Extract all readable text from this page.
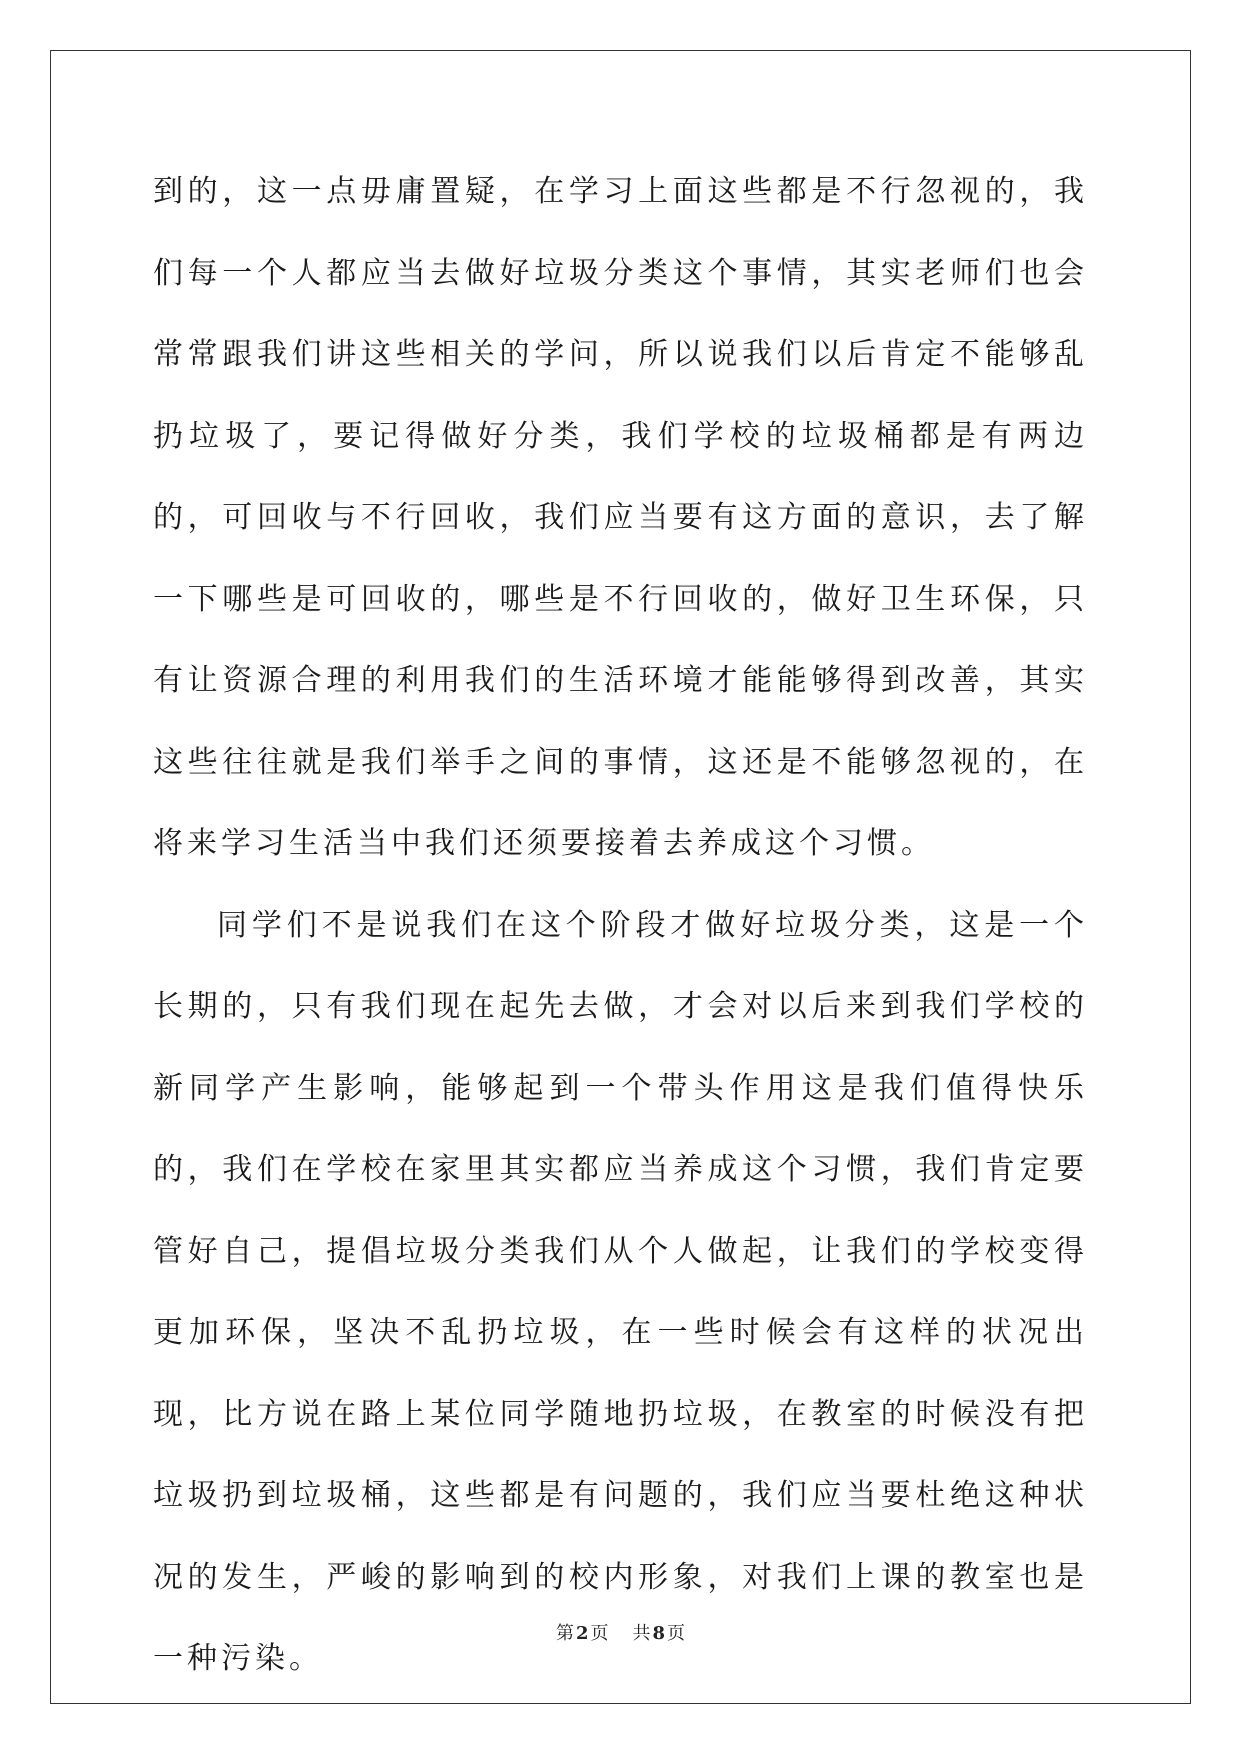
到的，这一点毋庸置疑，在学习上面这些都是不行忽视的，我们每一个人都应当去做好垃圾分类这个事情，其实老师们也会常常跟我们讲这些相关的学问，所以说我们以后肯定不能够乱扔垃圾了，要记得做好分类，我们学校的垃圾桶都是有两边的，可回收与不行回收，我们应当要有这方面的意识，去了解一下哪些是可回收的，哪些是不行回收的，做好卫生环保，只有让资源合理的利用我们的生活环境才能能够得到改善，其实这些往往就是我们举手之间的事情，这还是不能够忽视的，在将来学习生活当中我们还须要接着去养成这个习惯。

同学们不是说我们在这个阶段才做好垃圾分类，这是一个长期的，只有我们现在起先去做，才会对以后来到我们学校的新同学产生影响，能够起到一个带头作用这是我们值得快乐的，我们在学校在家里其实都应当养成这个习惯，我们肯定要管好自己，提倡垃圾分类我们从个人做起，让我们的学校变得更加环保，坚决不乱扔垃圾，在一些时候会有这样的状况出现，比方说在路上某位同学随地扔垃圾，在教室的时候没有把垃圾扔到垃圾桶，这些都是有问题的，我们应当要杜绝这种状况的发生，严峻的影响到的校内形象，对我们上课的教室也是一种污染。

第 2 页 共 8 页
